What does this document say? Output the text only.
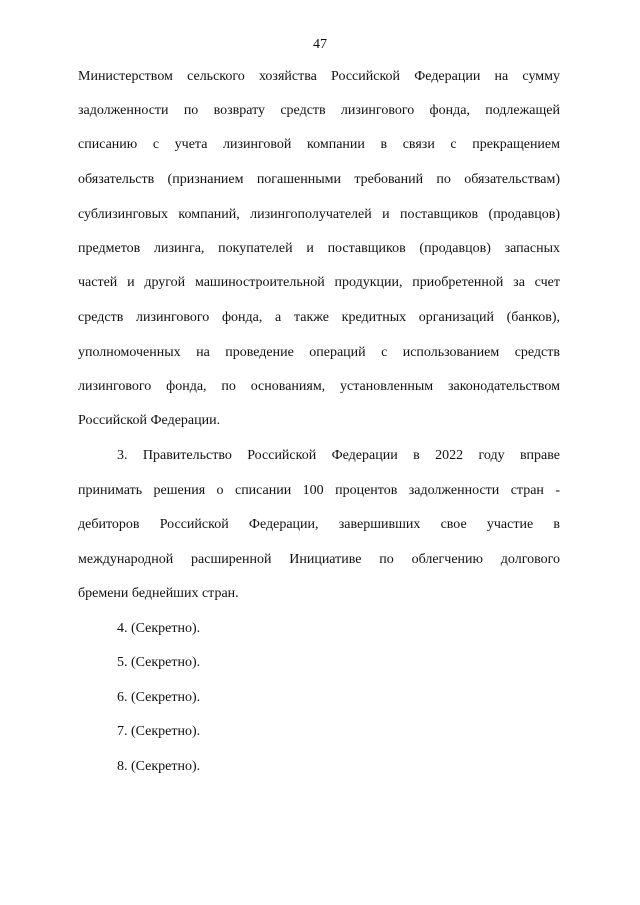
47
Министерством сельского хозяйства Российской Федерации на сумму
задолженности по возврату средств лизингового фонда, подлежащей
списанию с учета лизинговой компании в связи с прекращением
обязательств (признанием погашенными требований по обязательствам)
сублизинговых компаний, лизингополучателей и поставщиков (продавцов)
предметов лизинга, покупателей и поставщиков (продавцов) запасных
частей и другой машиностроительной продукции, приобретенной за счет
средств лизингового фонда, а также кредитных организаций (банков),
уполномоченных на проведение операций с использованием средств
лизингового фонда, по основаниям, установленным законодательством
Российской Федерации.
3. Правительство Российской Федерации в 2022 году вправе
принимать решения о списании 100 процентов задолженности стран -
дебиторов Российской Федерации, завершивших свое участие в
международной расширенной Инициативе по облегчению долгового
бремени беднейших стран.
4. (Секретно).
5. (Секретно).
6. (Секретно).
7. (Секретно).
8. (Секретно).
